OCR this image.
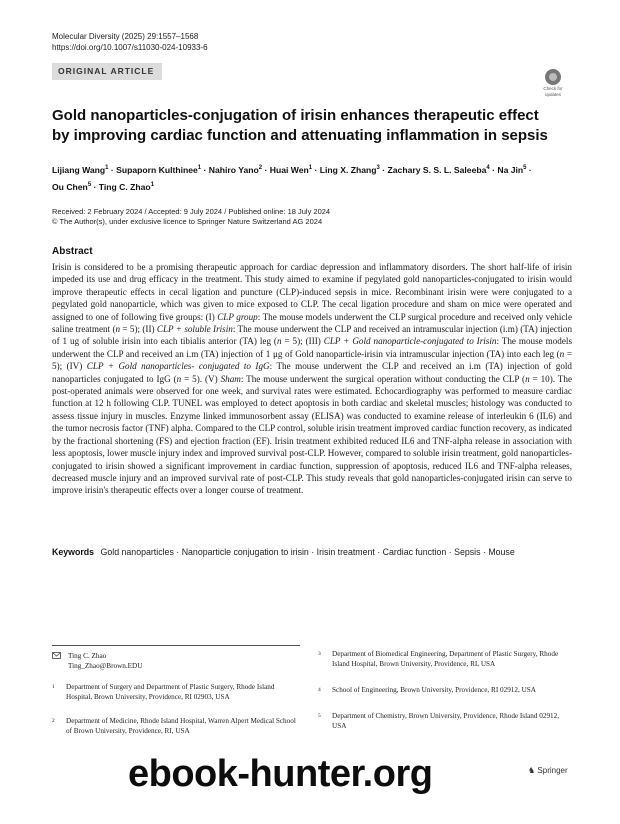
Molecular Diversity (2025) 29:1557–1568
https://doi.org/10.1007/s11030-024-10933-6
ORIGINAL ARTICLE
Check for updates
Gold nanoparticles-conjugation of irisin enhances therapeutic effect by improving cardiac function and attenuating inflammation in sepsis
Lijiang Wang$^1$ · Supaporn Kulthinee$^1$ · Nahiro Yano$^2$ · Huai Wen$^1$ · Ling X. Zhang$^3$ · Zachary S. S. L. Saleeba$^4$ · Na Jin$^5$ ·
Ou Chen$^5$ · Ting C. Zhao$^1$
Received: 2 February 2024 / Accepted: 9 July 2024 / Published online: 18 July 2024
© The Author(s), under exclusive licence to Springer Nature Switzerland AG 2024
Abstract
Irisin is considered to be a promising therapeutic approach for cardiac depression and inflammatory disorders. The short half-life of irisin impeded its use and drug efficacy in the treatment. This study aimed to examine if pegylated gold nanoparticles-conjugated to irisin would improve therapeutic effects in cecal ligation and puncture (CLP)-induced sepsis in mice. Recombinant irisin were were conjugated to a pegylated gold nanoparticle, which was given to mice exposed to CLP. The cecal ligation procedure and sham on mice were operated and assigned to one of following five groups: (I) CLP group: The mouse models underwent the CLP surgical procedure and received only vehicle saline treatment (n = 5); (II) CLP + soluble Irisin: The mouse underwent the CLP and received an intramuscular injection (i.m) (TA) injection of 1 ug of soluble irisin into each tibialis anterior (TA) leg (n = 5); (III) CLP + Gold nanoparticle-conjugated to Irisin: The mouse models underwent the CLP and received an i.m (TA) injection of 1 μg of Gold nanoparticle-irisin via intramuscular injection (TA) into each leg (n = 5); (IV) CLP + Gold nanoparticles- conjugated to IgG: The mouse underwent the CLP and received an i.m (TA) injection of gold nanoparticles conjugated to IgG (n = 5). (V) Sham: The mouse underwent the surgical operation without conducting the CLP (n = 10). The post-operated animals were observed for one week, and survival rates were estimated. Echocardiography was performed to measure cardiac function at 12 h following CLP. TUNEL was employed to detect apoptosis in both cardiac and skeletal muscles; histology was conducted to assess tissue injury in muscles. Enzyme linked immunosorbent assay (ELISA) was conducted to examine release of interleukin 6 (IL6) and the tumor necrosis factor (TNF) alpha. Compared to the CLP control, soluble irisin treatment improved cardiac function recovery, as indicated by the fractional shortening (FS) and ejection fraction (EF). Irisin treatment exhibited reduced IL6 and TNF-alpha release in association with less apoptosis, lower muscle injury index and improved survival post-CLP. However, compared to soluble irisin treatment, gold nanoparticles-conjugated to irisin showed a significant improvement in cardiac function, suppression of apoptosis, reduced IL6 and TNF-alpha releases, decreased muscle injury and an improved survival rate of post-CLP. This study reveals that gold nanoparticles-conjugated irisin can serve to improve irisin's therapeutic effects over a longer course of treatment.
Keywords Gold nanoparticles · Nanoparticle conjugation to irisin · Irisin treatment · Cardiac function · Sepsis · Mouse
Ting C. Zhao
Ting_Zhao@Brown.EDU
1 Department of Surgery and Department of Plastic Surgery, Rhode Island Hospital, Brown University, Providence, RI 02903, USA
2 Department of Medicine, Rhode Island Hospital, Warren Alpert Medical School of Brown University, Providence, RI, USA
3 Department of Biomedical Engineering, Department of Plastic Surgery, Rhode Island Hospital, Brown University, Providence, RI, USA
4 School of Engineering, Brown University, Providence, RI 02912, USA
5 Department of Chemistry, Brown University, Providence, Rhode Island 02912, USA
♞ Springer
ebook-hunter.org
